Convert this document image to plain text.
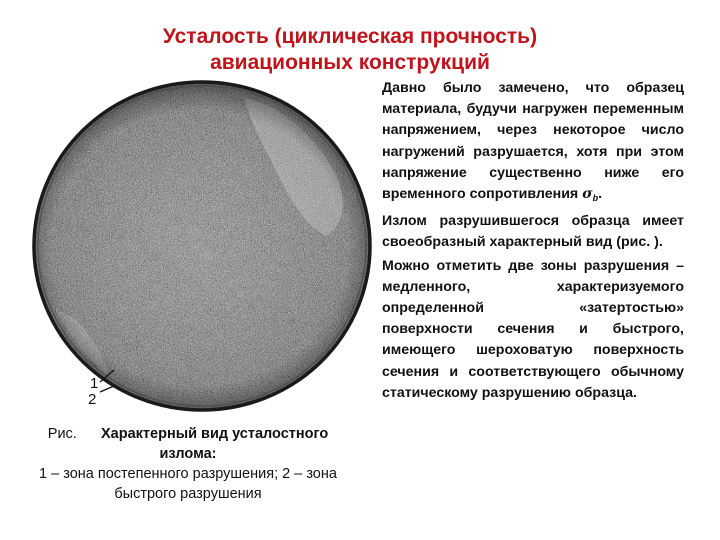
Усталость (циклическая прочность)
авиационных конструкций
1
2
Рис.      Характерный вид усталостного излома:
1 – зона постепенного разрушения; 2 – зона быстрого разрушения

Давно было замечено, что образец материала, будучи нагружен переменным напряжением, через некоторое число нагружений разрушается, хотя при этом напряжение существенно ниже его временного сопротивления $\sigma_b$.

Излом разрушившегося образца имеет своеобразный характерный вид (рис. ).

Можно отметить две зоны разрушения – медленного, характеризуемого определенной «затертостью» поверхности сечения и быстрого, имеющего шероховатую поверхность сечения и соответствующего обычному статическому разрушению образца.
